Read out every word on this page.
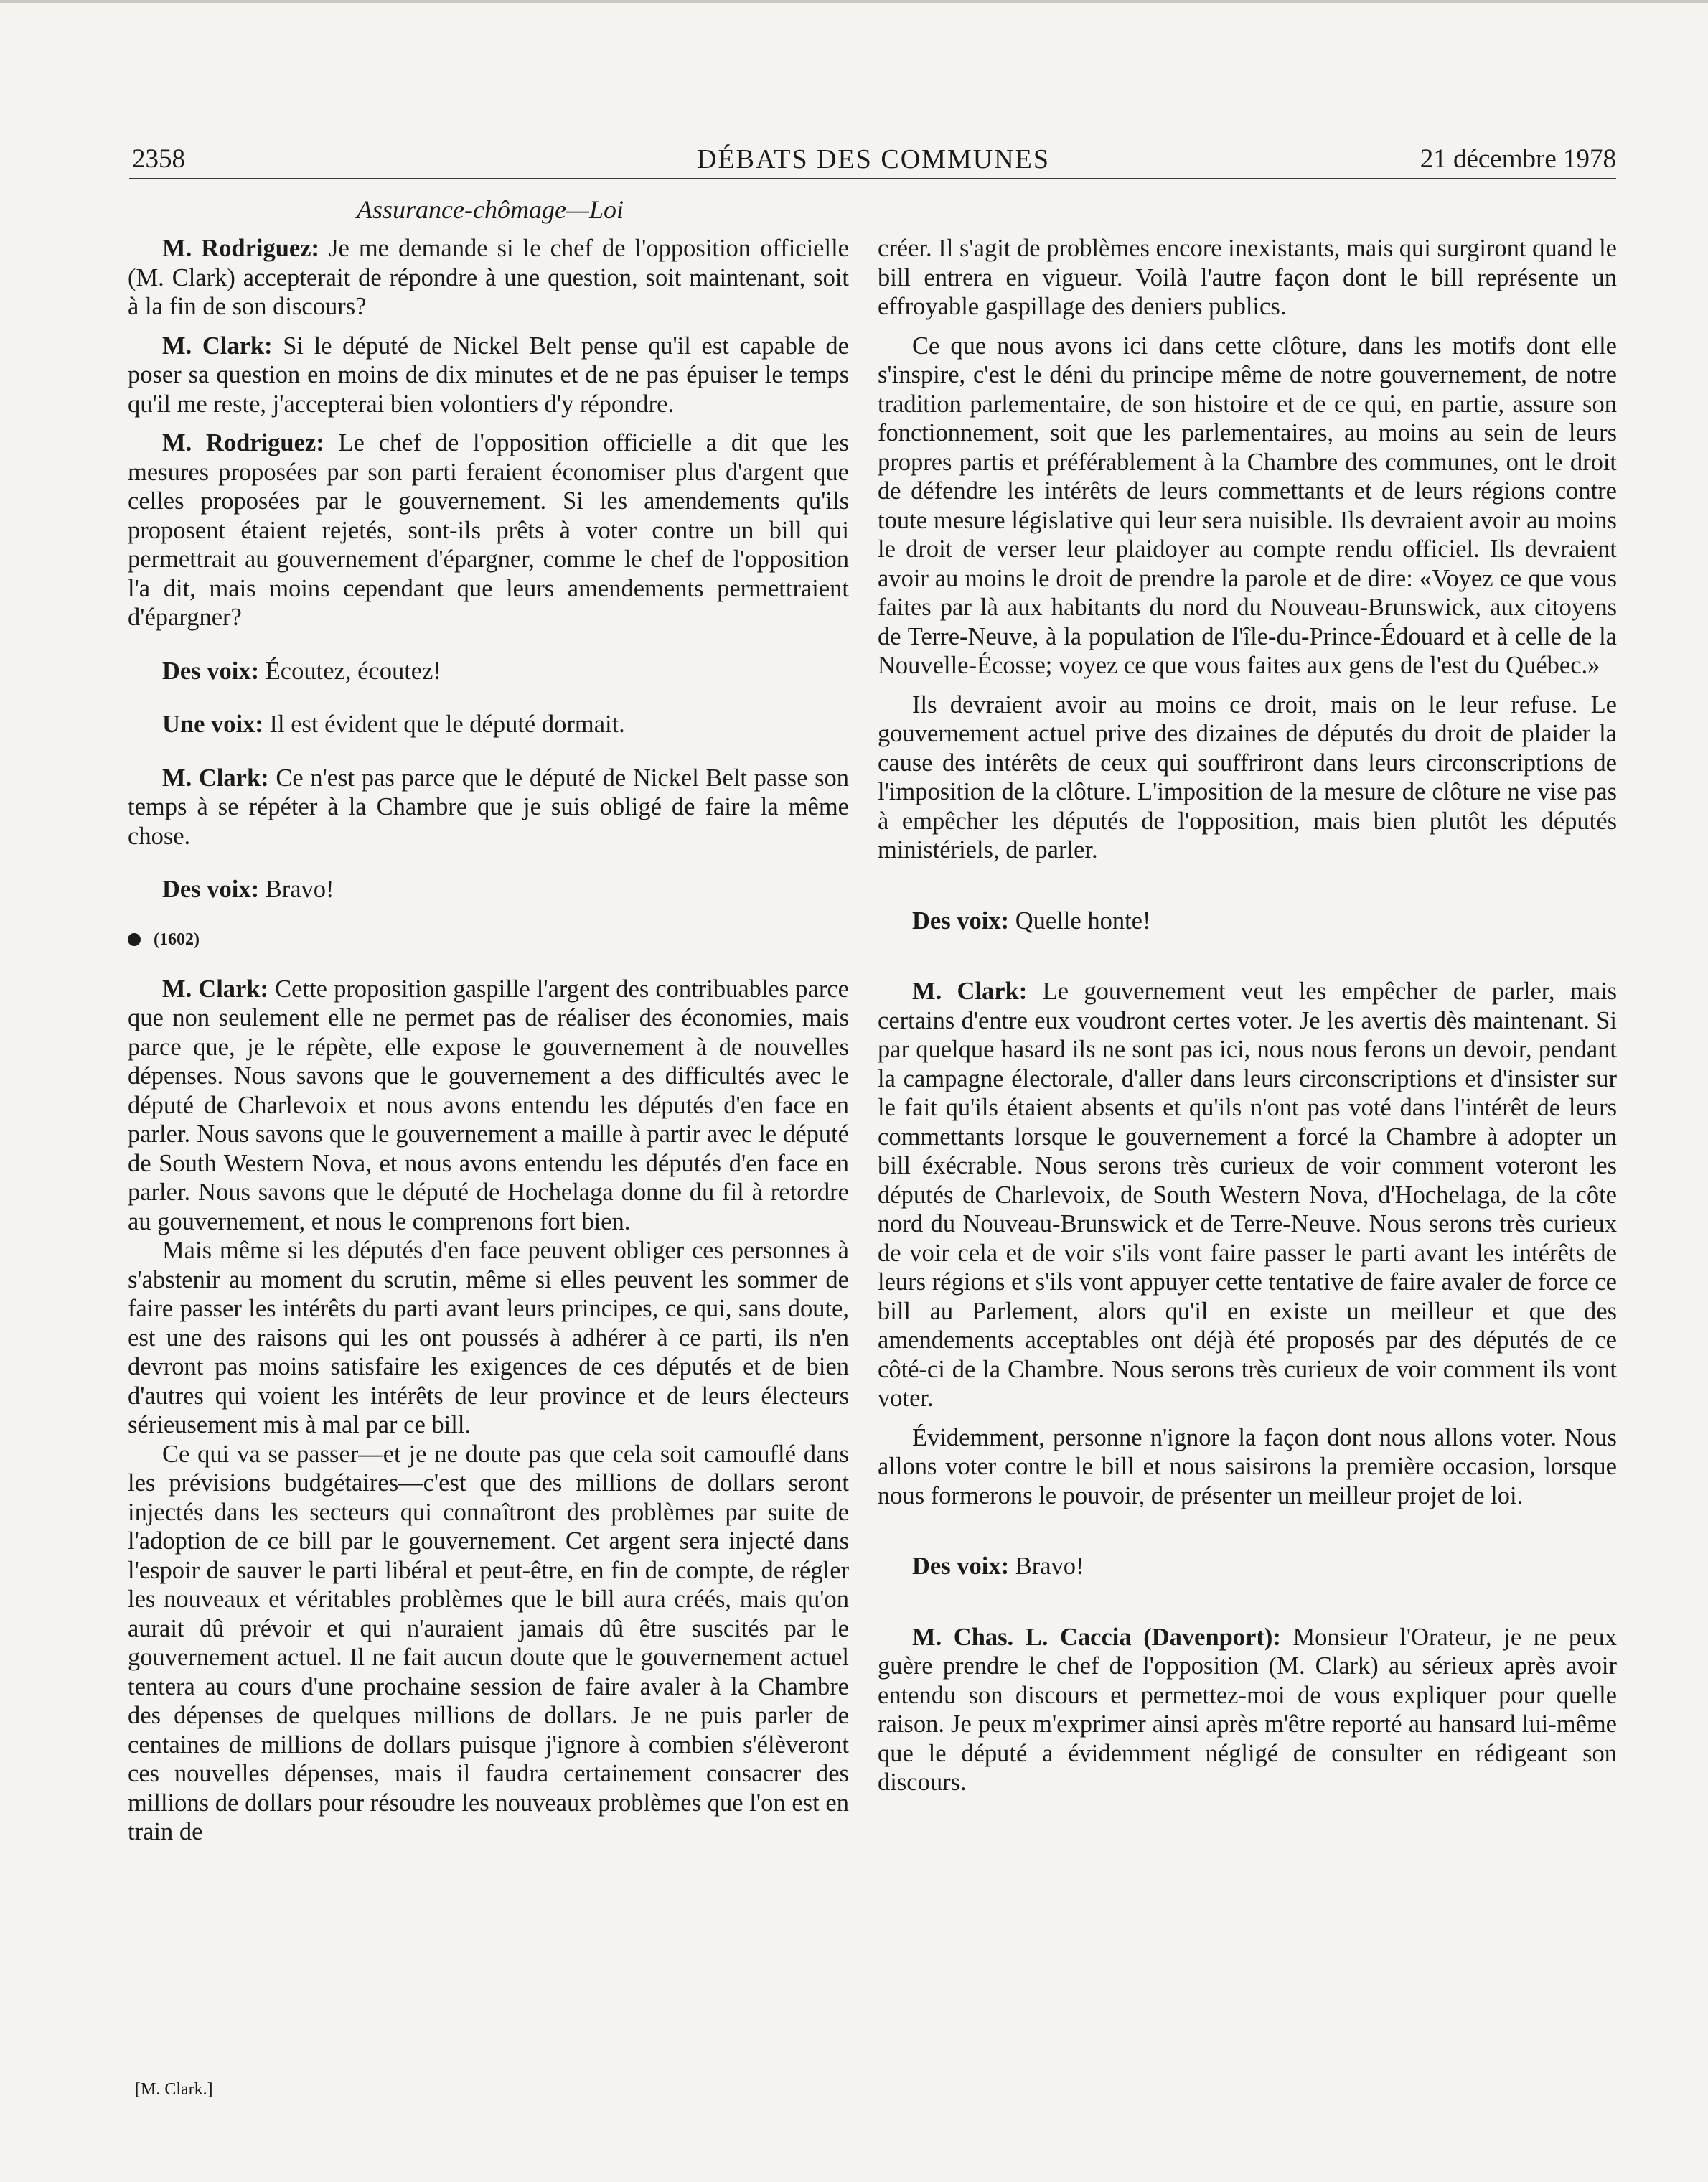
2358	DÉBATS DES COMMUNES	21 décembre 1978
Assurance-chômage—Loi

M. Rodriguez: Je me demande si le chef de l'opposition officielle (M. Clark) accepterait de répondre à une question, soit maintenant, soit à la fin de son discours?

M. Clark: Si le député de Nickel Belt pense qu'il est capable de poser sa question en moins de dix minutes et de ne pas épuiser le temps qu'il me reste, j'accepterai bien volontiers d'y répondre.

M. Rodriguez: Le chef de l'opposition officielle a dit que les mesures proposées par son parti feraient économiser plus d'argent que celles proposées par le gouvernement. Si les amendements qu'ils proposent étaient rejetés, sont-ils prêts à voter contre un bill qui permettrait au gouvernement d'épargner, comme le chef de l'opposition l'a dit, mais moins cependant que leurs amendements permettraient d'épargner?

Des voix: Écoutez, écoutez!

Une voix: Il est évident que le député dormait.

M. Clark: Ce n'est pas parce que le député de Nickel Belt passe son temps à se répéter à la Chambre que je suis obligé de faire la même chose.

Des voix: Bravo!

(1602)

M. Clark: Cette proposition gaspille l'argent des contribuables parce que non seulement elle ne permet pas de réaliser des économies, mais parce que, je le répète, elle expose le gouvernement à de nouvelles dépenses. Nous savons que le gouvernement a des difficultés avec le député de Charlevoix et nous avons entendu les députés d'en face en parler. Nous savons que le gouvernement a maille à partir avec le député de South Western Nova, et nous avons entendu les députés d'en face en parler. Nous savons que le député de Hochelaga donne du fil à retordre au gouvernement, et nous le comprenons fort bien.

Mais même si les députés d'en face peuvent obliger ces personnes à s'abstenir au moment du scrutin, même si elles peuvent les sommer de faire passer les intérêts du parti avant leurs principes, ce qui, sans doute, est une des raisons qui les ont poussés à adhérer à ce parti, ils n'en devront pas moins satisfaire les exigences de ces députés et de bien d'autres qui voient les intérêts de leur province et de leurs électeurs sérieusement mis à mal par ce bill.

Ce qui va se passer—et je ne doute pas que cela soit camouflé dans les prévisions budgétaires—c'est que des millions de dollars seront injectés dans les secteurs qui connaîtront des problèmes par suite de l'adoption de ce bill par le gouvernement. Cet argent sera injecté dans l'espoir de sauver le parti libéral et peut-être, en fin de compte, de régler les nouveaux et véritables problèmes que le bill aura créés, mais qu'on aurait dû prévoir et qui n'auraient jamais dû être suscités par le gouvernement actuel. Il ne fait aucun doute que le gouvernement actuel tentera au cours d'une prochaine session de faire avaler à la Chambre des dépenses de quelques millions de dollars. Je ne puis parler de centaines de millions de dollars puisque j'ignore à combien s'élèveront ces nouvelles dépenses, mais il faudra certainement consacrer des millions de dollars pour résoudre les nouveaux problèmes que l'on est en train de

[M. Clark.]

créer. Il s'agit de problèmes encore inexistants, mais qui surgiront quand le bill entrera en vigueur. Voilà l'autre façon dont le bill représente un effroyable gaspillage des deniers publics.

Ce que nous avons ici dans cette clôture, dans les motifs dont elle s'inspire, c'est le déni du principe même de notre gouvernement, de notre tradition parlementaire, de son histoire et de ce qui, en partie, assure son fonctionnement, soit que les parlementaires, au moins au sein de leurs propres partis et préférablement à la Chambre des communes, ont le droit de défendre les intérêts de leurs commettants et de leurs régions contre toute mesure législative qui leur sera nuisible. Ils devraient avoir au moins le droit de verser leur plaidoyer au compte rendu officiel. Ils devraient avoir au moins le droit de prendre la parole et de dire: «Voyez ce que vous faites par là aux habitants du nord du Nouveau-Brunswick, aux citoyens de Terre-Neuve, à la population de l'île-du-Prince-Édouard et à celle de la Nouvelle-Écosse; voyez ce que vous faites aux gens de l'est du Québec.»

Ils devraient avoir au moins ce droit, mais on le leur refuse. Le gouvernement actuel prive des dizaines de députés du droit de plaider la cause des intérêts de ceux qui souffriront dans leurs circonscriptions de l'imposition de la clôture. L'imposition de la mesure de clôture ne vise pas à empêcher les députés de l'opposition, mais bien plutôt les députés ministériels, de parler.

Des voix: Quelle honte!

M. Clark: Le gouvernement veut les empêcher de parler, mais certains d'entre eux voudront certes voter. Je les avertis dès maintenant. Si par quelque hasard ils ne sont pas ici, nous nous ferons un devoir, pendant la campagne électorale, d'aller dans leurs circonscriptions et d'insister sur le fait qu'ils étaient absents et qu'ils n'ont pas voté dans l'intérêt de leurs commettants lorsque le gouvernement a forcé la Chambre à adopter un bill éxécrable. Nous serons très curieux de voir comment voteront les députés de Charlevoix, de South Western Nova, d'Hochelaga, de la côte nord du Nouveau-Brunswick et de Terre-Neuve. Nous serons très curieux de voir cela et de voir s'ils vont faire passer le parti avant les intérêts de leurs régions et s'ils vont appuyer cette tentative de faire avaler de force ce bill au Parlement, alors qu'il en existe un meilleur et que des amendements acceptables ont déjà été proposés par des députés de ce côté-ci de la Chambre. Nous serons très curieux de voir comment ils vont voter.

Évidemment, personne n'ignore la façon dont nous allons voter. Nous allons voter contre le bill et nous saisirons la première occasion, lorsque nous formerons le pouvoir, de présenter un meilleur projet de loi.

Des voix: Bravo!

M. Chas. L. Caccia (Davenport): Monsieur l'Orateur, je ne peux guère prendre le chef de l'opposition (M. Clark) au sérieux après avoir entendu son discours et permettez-moi de vous expliquer pour quelle raison. Je peux m'exprimer ainsi après m'être reporté au hansard lui-même que le député a évidemment négligé de consulter en rédigeant son discours.
